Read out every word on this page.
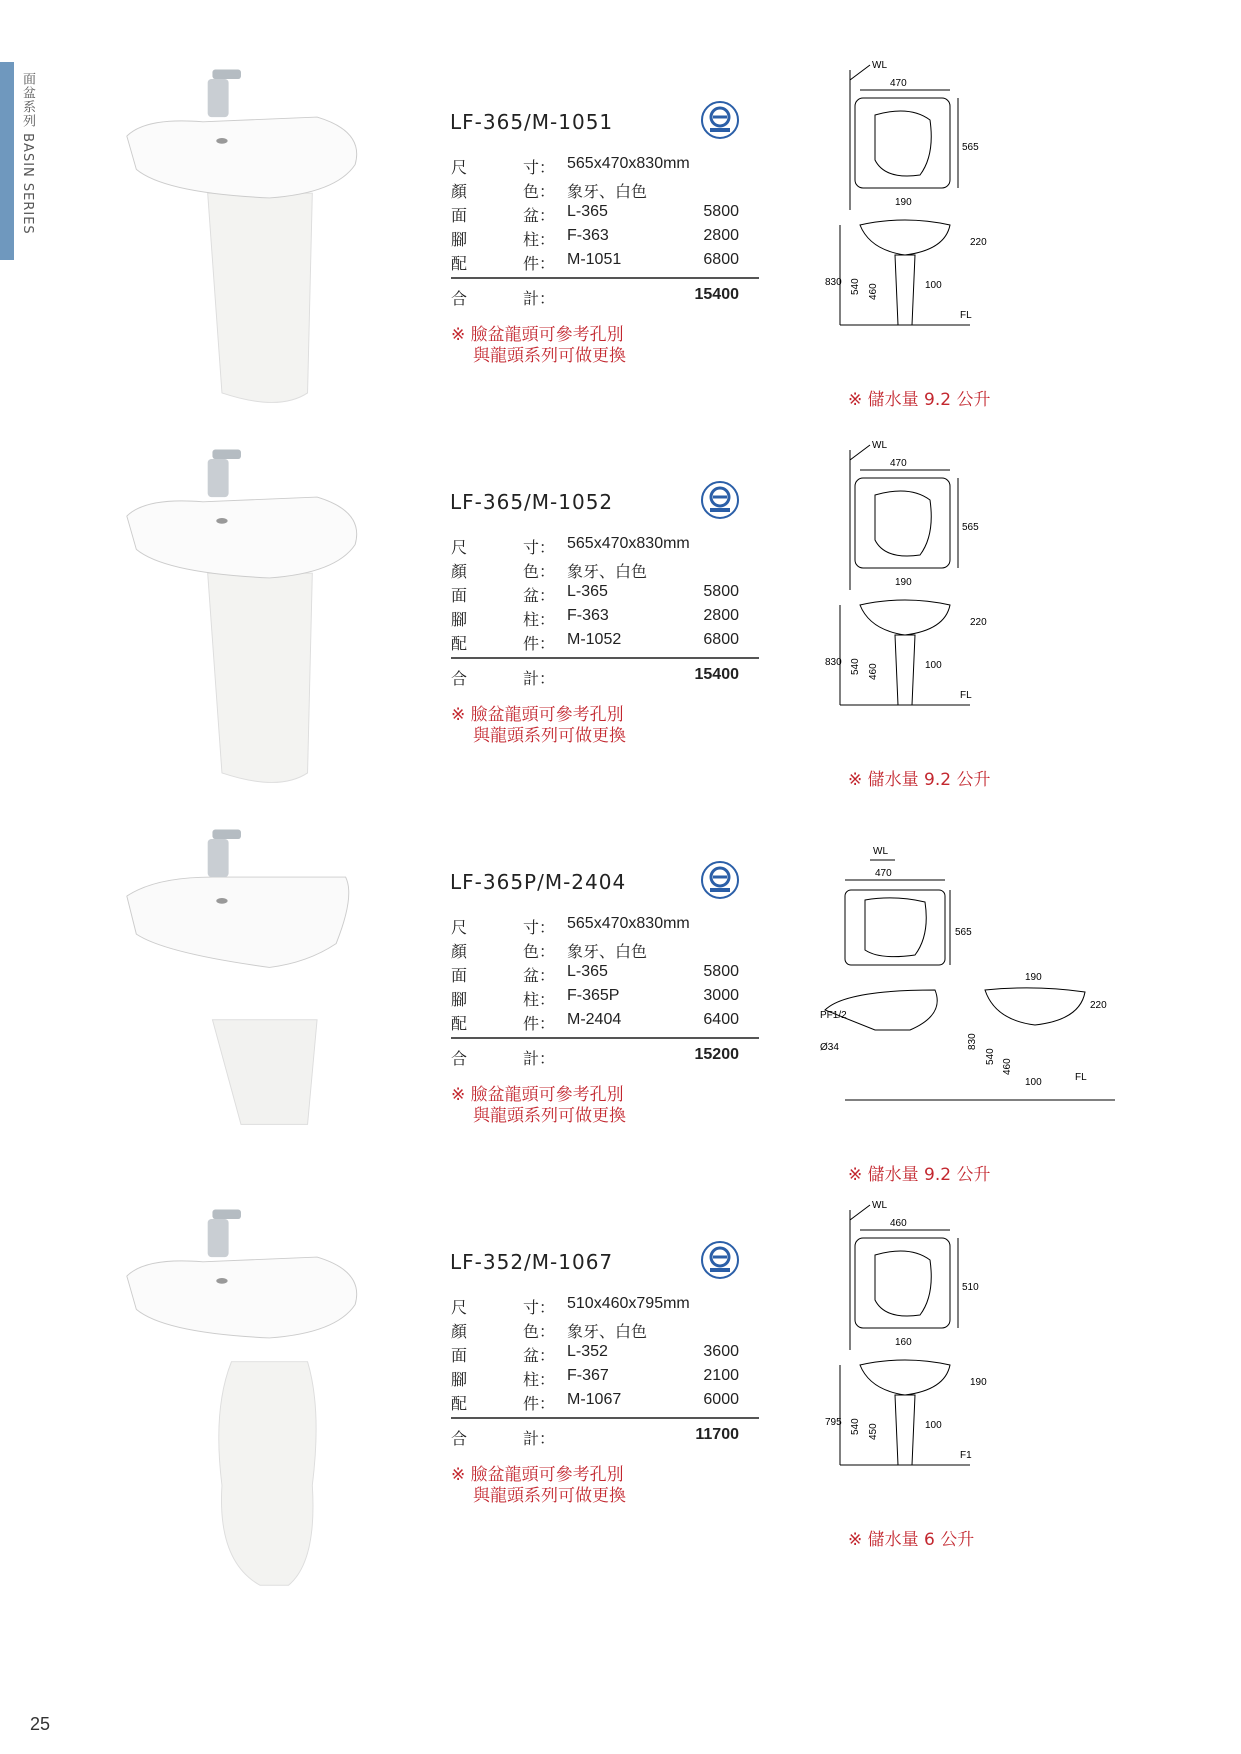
面盆系列 BASIN SERIES
25
LF-365/M-1051
尺	寸： 565x470x830mm
顏	色： 象牙、白色
面	盆： L-365	5800
腳	柱： F-363	2800
配	件： M-1051	6800
合	計：	15400
※ 臉盆龍頭可參考孔別
與龍頭系列可做更換
WL
470
565
190
220
830 540 460	100
FL
※ 儲水量 9.2 公升
LF-365/M-1052
尺	寸： 565x470x830mm
顏	色： 象牙、白色
面	盆： L-365	5800
腳	柱： F-363	2800
配	件： M-1052	6800
合	計：	15400
※ 臉盆龍頭可參考孔別
與龍頭系列可做更換
WL
470
565
190
220
830 540 460	100
FL
※ 儲水量 9.2 公升
LF-365P/M-2404
尺	寸： 565x470x830mm
顏	色： 象牙、白色
面	盆： L-365	5800
腳	柱： F-365P	3000
配	件： M-2404	6400
合	計：	15200
※ 臉盆龍頭可參考孔別
與龍頭系列可做更換
WL
470
565
PF1/2
Ø34
190
220
830
540
460
100	FL
※ 儲水量 9.2 公升
LF-352/M-1067
尺	寸： 510x460x795mm
顏	色： 象牙、白色
面	盆： L-352	3600
腳	柱： F-367	2100
配	件： M-1067	6000
合	計：	11700
※ 臉盆龍頭可參考孔別
與龍頭系列可做更換
WL
460
510
160
190
795 540 450	100
F1
※ 儲水量 6 公升
